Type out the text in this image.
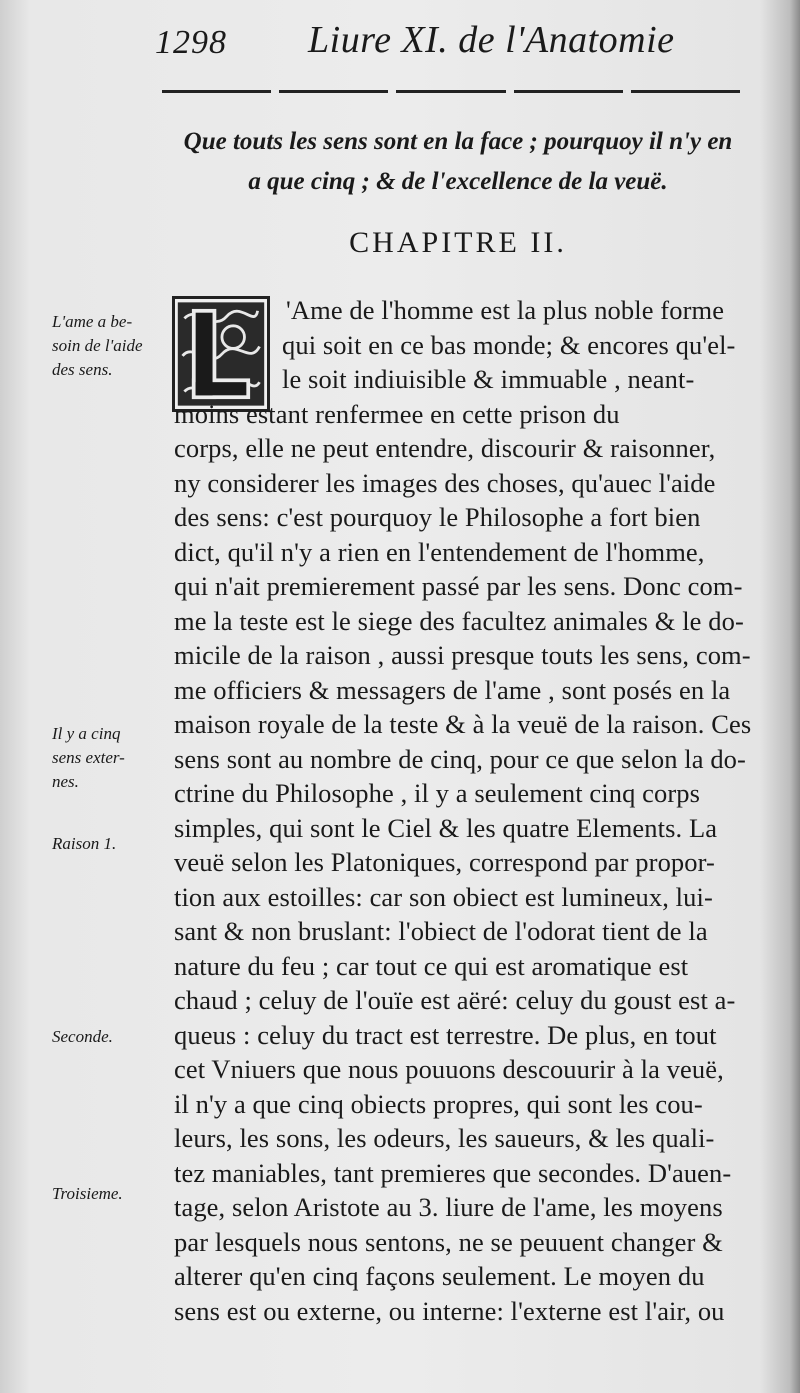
1298 Liure XI. de l'Anatomie
Que touts les sens sont en la face ; pourquoy il n'y en
a que cinq ; & de l'excellence de la veuë.
CHAPITRE II.
'Ame de l'homme est la plus noble forme
qui soit en ce bas monde; & encores qu'el-
le soit indiuisible & immuable , neant-
moins estant renfermee en cette prison du
corps, elle ne peut entendre, discourir & raisonner,
ny considerer les images des choses, qu'auec l'aide
des sens: c'est pourquoy le Philosophe a fort bien
dict, qu'il n'y a rien en l'entendement de l'homme,
qui n'ait premierement passé par les sens. Donc com-
me la teste est le siege des facultez animales & le do-
micile de la raison , aussi presque touts les sens, com-
me officiers & messagers de l'ame , sont posés en la
maison royale de la teste & à la veuë de la raison. Ces
sens sont au nombre de cinq, pour ce que selon la do-
ctrine du Philosophe , il y a seulement cinq corps
simples, qui sont le Ciel & les quatre Elements. La
veuë selon les Platoniques, correspond par propor-
tion aux estoilles: car son obiect est lumineux, lui-
sant & non bruslant: l'obiect de l'odorat tient de la
nature du feu ; car tout ce qui est aromatique est
chaud ; celuy de l'ouïe est aëré: celuy du goust est a-
queus : celuy du tract est terrestre. De plus, en tout
cet Vniuers que nous pouuons descouurir à la veuë,
il n'y a que cinq obiects propres, qui sont les cou-
leurs, les sons, les odeurs, les saueurs, & les quali-
tez maniables, tant premieres que secondes. D'auen-
tage, selon Aristote au 3. liure de l'ame, les moyens
par lesquels nous sentons, ne se peuuent changer &
alterer qu'en cinq façons seulement. Le moyen du
sens est ou externe, ou interne: l'externe est l'air, ou
L'ame a be-
soin de l'aide
des sens.
Il y a cinq
sens exter-
nes.
Raison 1.
Seconde.
Troisieme.
